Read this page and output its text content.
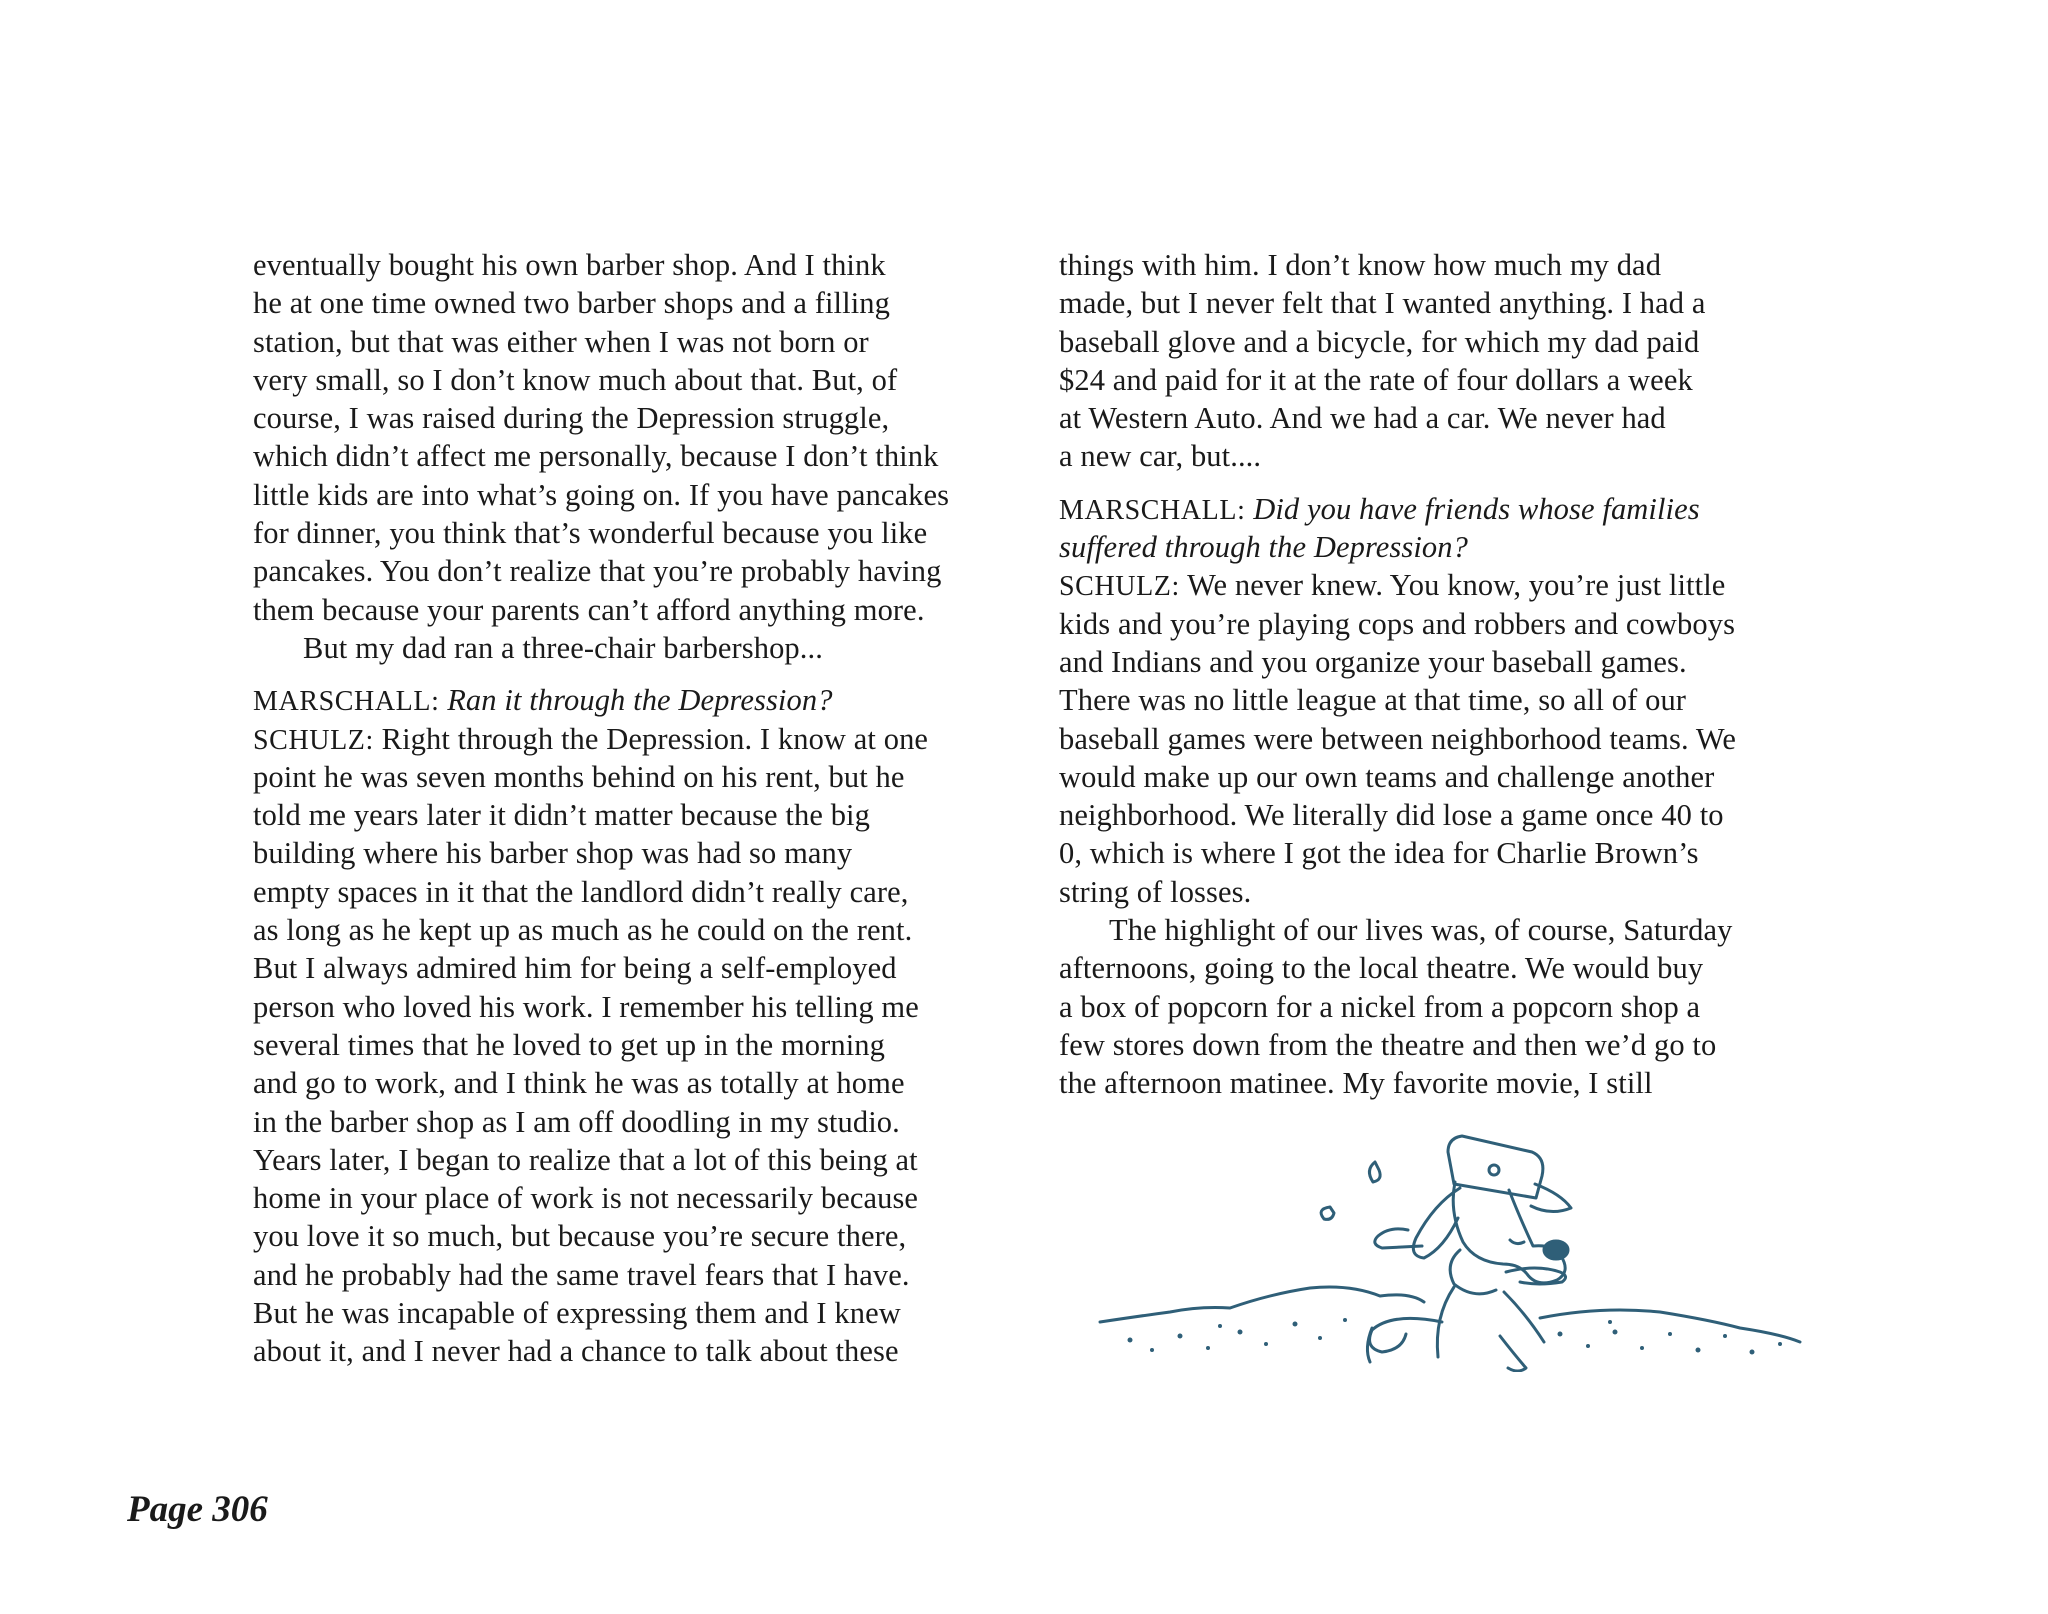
eventually bought his own barber shop. And I think
he at one time owned two barber shops and a filling
station, but that was either when I was not born or
very small, so I don’t know much about that. But, of
course, I was raised during the Depression struggle,
which didn’t affect me personally, because I don’t think
little kids are into what’s going on. If you have pancakes
for dinner, you think that’s wonderful because you like
pancakes. You don’t realize that you’re probably having
them because your parents can’t afford anything more.
But my dad ran a three-chair barbershop...
MARSCHALL: Ran it through the Depression?
SCHULZ: Right through the Depression. I know at one
point he was seven months behind on his rent, but he
told me years later it didn’t matter because the big
building where his barber shop was had so many
empty spaces in it that the landlord didn’t really care,
as long as he kept up as much as he could on the rent.
But I always admired him for being a self-employed
person who loved his work. I remember his telling me
several times that he loved to get up in the morning
and go to work, and I think he was as totally at home
in the barber shop as I am off doodling in my studio.
Years later, I began to realize that a lot of this being at
home in your place of work is not necessarily because
you love it so much, but because you’re secure there,
and he probably had the same travel fears that I have.
But he was incapable of expressing them and I knew
about it, and I never had a chance to talk about these
things with him. I don’t know how much my dad
made, but I never felt that I wanted anything. I had a
baseball glove and a bicycle, for which my dad paid
$24 and paid for it at the rate of four dollars a week
at Western Auto. And we had a car. We never had
a new car, but....
MARSCHALL: Did you have friends whose families
suffered through the Depression?
SCHULZ: We never knew. You know, you’re just little
kids and you’re playing cops and robbers and cowboys
and Indians and you organize your baseball games.
There was no little league at that time, so all of our
baseball games were between neighborhood teams. We
would make up our own teams and challenge another
neighborhood. We literally did lose a game once 40 to
0, which is where I got the idea for Charlie Brown’s
string of losses.
The highlight of our lives was, of course, Saturday
afternoons, going to the local theatre. We would buy
a box of popcorn for a nickel from a popcorn shop a
few stores down from the theatre and then we’d go to
the afternoon matinee. My favorite movie, I still
Page 306
